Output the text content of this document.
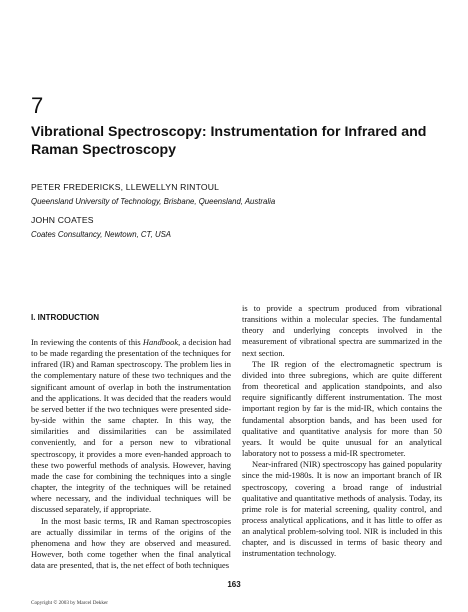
7
Vibrational Spectroscopy: Instrumentation for Infrared and Raman Spectroscopy
PETER FREDERICKS, LLEWELLYN RINTOUL
Queensland University of Technology, Brisbane, Queensland, Australia
JOHN COATES
Coates Consultancy, Newtown, CT, USA
I. INTRODUCTION

In reviewing the contents of this Handbook, a decision had to be made regarding the presentation of the techniques for infrared (IR) and Raman spectroscopy. The problem lies in the complementary nature of these two techniques and the significant amount of overlap in both the instrumentation and the applications. It was decided that the readers would be served better if the two techniques were presented side-by-side within the same chapter. In this way, the similarities and dissimilarities can be assimilated conveniently, and for a person new to vibrational spectroscopy, it provides a more even-handed approach to these two powerful methods of analysis. However, having made the case for combining the techniques into a single chapter, the integrity of the techniques will be retained where necessary, and the individual techniques will be discussed separately, if appropriate.

In the most basic terms, IR and Raman spectroscopies are actually dissimilar in terms of the origins of the phenomena and how they are observed and measured. However, both come together when the final analytical data are presented, that is, the net effect of both techniques

is to provide a spectrum produced from vibrational transitions within a molecular species. The fundamental theory and underlying concepts involved in the measurement of vibrational spectra are summarized in the next section.

The IR region of the electromagnetic spectrum is divided into three subregions, which are quite different from theoretical and application standpoints, and also require significantly different instrumentation. The most important region by far is the mid-IR, which contains the fundamental absorption bands, and has been used for qualitative and quantitative analysis for more than 50 years. It would be quite unusual for an analytical laboratory not to possess a mid-IR spectrometer.

Near-infrared (NIR) spectroscopy has gained popularity since the mid-1980s. It is now an important branch of IR spectroscopy, covering a broad range of industrial qualitative and quantitative methods of analysis. Today, its prime role is for material screening, quality control, and process analytical applications, and it has little to offer as an analytical problem-solving tool. NIR is included in this chapter, and is discussed in terms of basic theory and instrumentation technology.

163
Copyright © 2003 by Marcel Dekker
